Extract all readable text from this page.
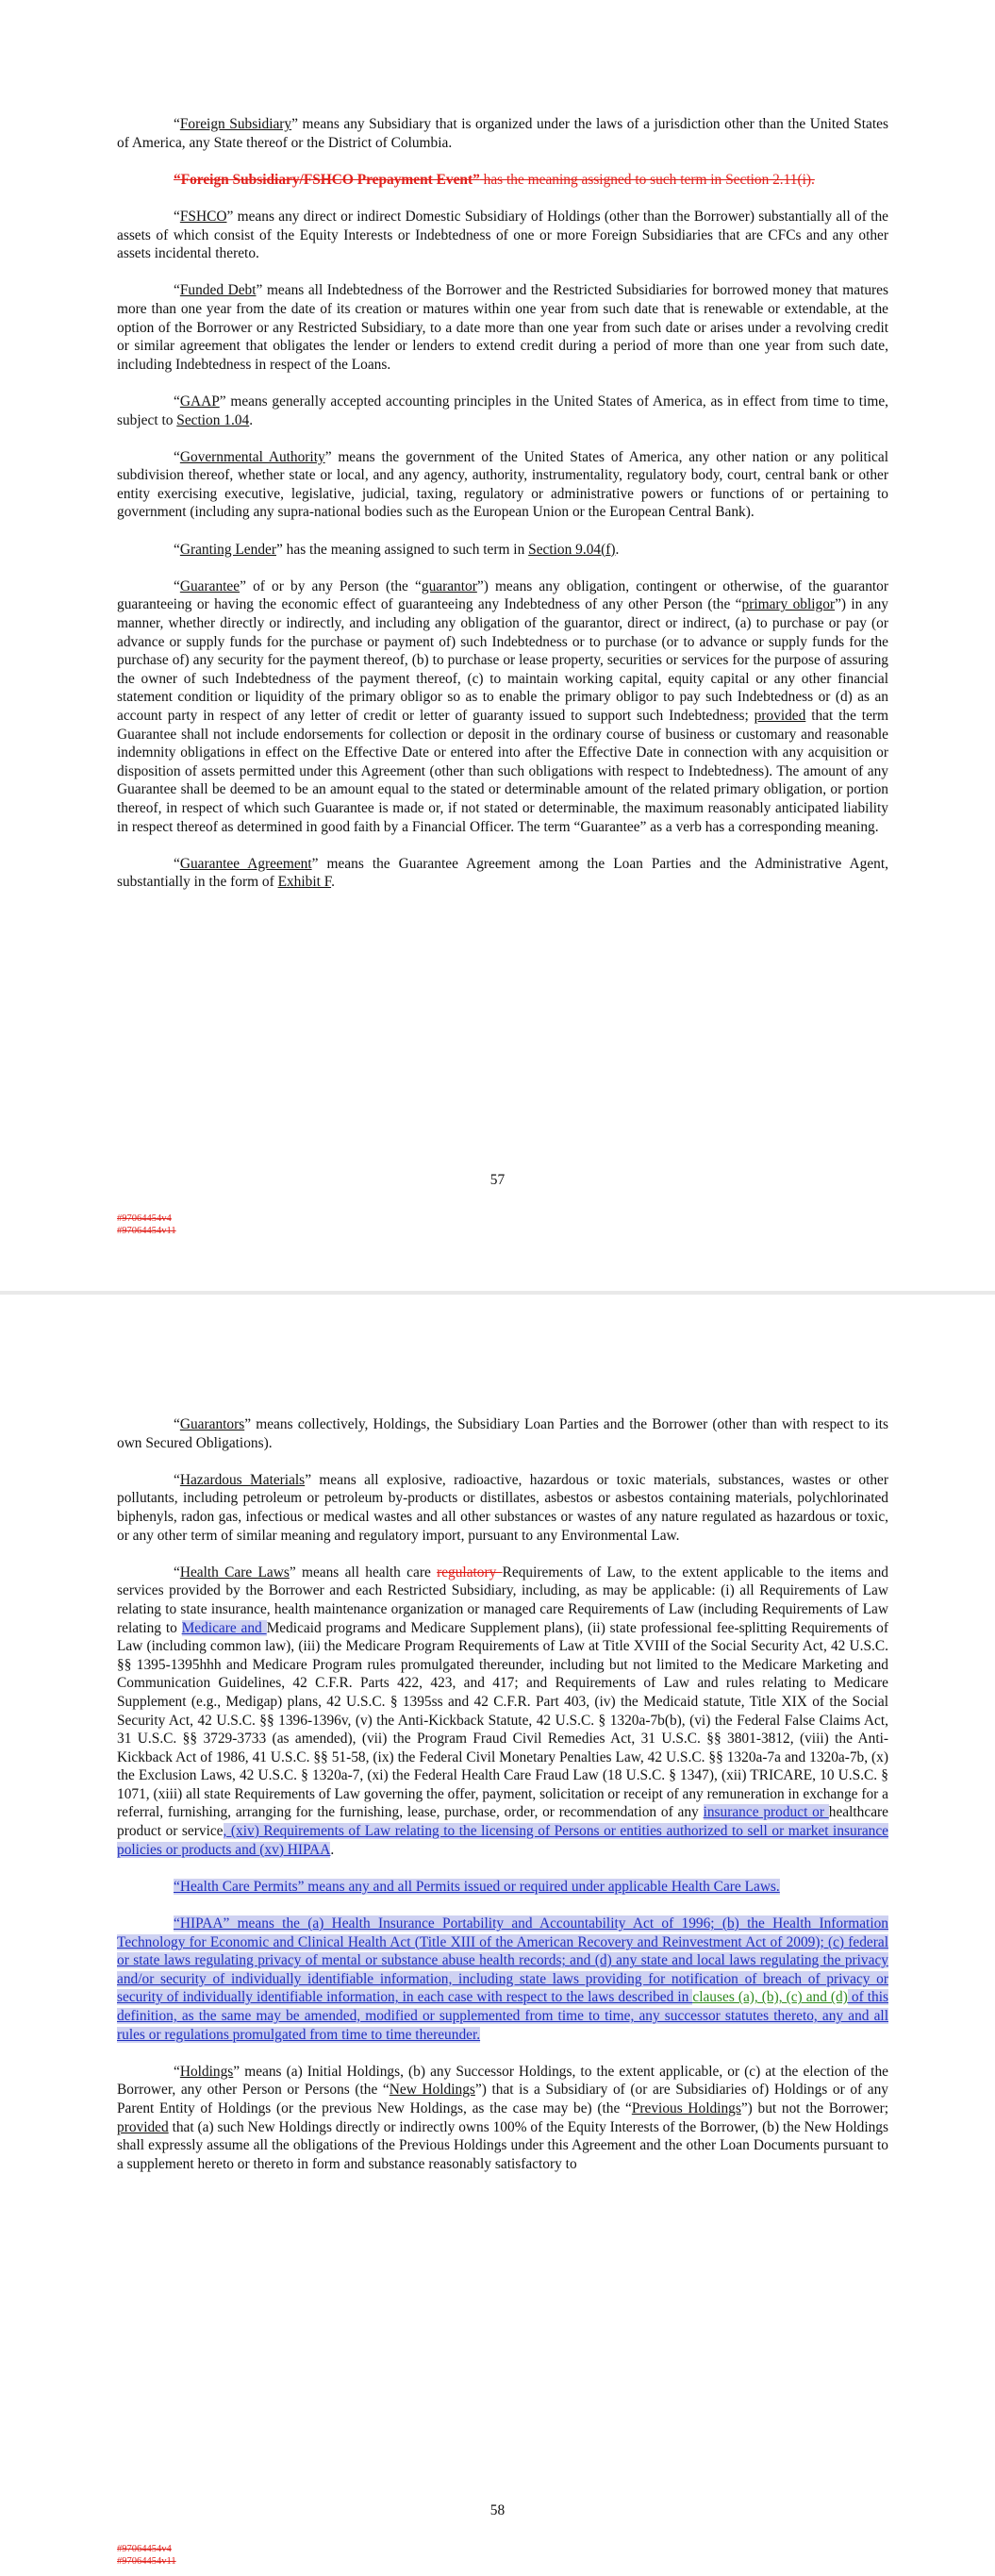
“Foreign Subsidiary” means any Subsidiary that is organized under the laws of a jurisdiction other than the United States of America, any State thereof or the District of Columbia.

“Foreign Subsidiary/FSHCO Prepayment Event” has the meaning assigned to such term in Section 2.11(i).

“FSHCO” means any direct or indirect Domestic Subsidiary of Holdings (other than the Borrower) substantially all of the assets of which consist of the Equity Interests or Indebtedness of one or more Foreign Subsidiaries that are CFCs and any other assets incidental thereto.

“Funded Debt” means all Indebtedness of the Borrower and the Restricted Subsidiaries for borrowed money that matures more than one year from the date of its creation or matures within one year from such date that is renewable or extendable, at the option of the Borrower or any Restricted Subsidiary, to a date more than one year from such date or arises under a revolving credit or similar agreement that obligates the lender or lenders to extend credit during a period of more than one year from such date, including Indebtedness in respect of the Loans.

“GAAP” means generally accepted accounting principles in the United States of America, as in effect from time to time, subject to Section 1.04.

“Governmental Authority” means the government of the United States of America, any other nation or any political subdivision thereof, whether state or local, and any agency, authority, instrumentality, regulatory body, court, central bank or other entity exercising executive, legislative, judicial, taxing, regulatory or administrative powers or functions of or pertaining to government (including any supra-national bodies such as the European Union or the European Central Bank).

“Granting Lender” has the meaning assigned to such term in Section 9.04(f).

“Guarantee” of or by any Person (the “guarantor”) means any obligation, contingent or otherwise, of the guarantor guaranteeing or having the economic effect of guaranteeing any Indebtedness of any other Person (the “primary obligor”) in any manner, whether directly or indirectly, and including any obligation of the guarantor, direct or indirect, (a) to purchase or pay (or advance or supply funds for the purchase or payment of) such Indebtedness or to purchase (or to advance or supply funds for the purchase of) any security for the payment thereof, (b) to purchase or lease property, securities or services for the purpose of assuring the owner of such Indebtedness of the payment thereof, (c) to maintain working capital, equity capital or any other financial statement condition or liquidity of the primary obligor so as to enable the primary obligor to pay such Indebtedness or (d) as an account party in respect of any letter of credit or letter of guaranty issued to support such Indebtedness; provided that the term Guarantee shall not include endorsements for collection or deposit in the ordinary course of business or customary and reasonable indemnity obligations in effect on the Effective Date or entered into after the Effective Date in connection with any acquisition or disposition of assets permitted under this Agreement (other than such obligations with respect to Indebtedness). The amount of any Guarantee shall be deemed to be an amount equal to the stated or determinable amount of the related primary obligation, or portion thereof, in respect of which such Guarantee is made or, if not stated or determinable, the maximum reasonably anticipated liability in respect thereof as determined in good faith by a Financial Officer. The term “Guarantee” as a verb has a corresponding meaning.

“Guarantee Agreement” means the Guarantee Agreement among the Loan Parties and the Administrative Agent, substantially in the form of Exhibit F.

57
#97064454v4
#97064454v11

“Guarantors” means collectively, Holdings, the Subsidiary Loan Parties and the Borrower (other than with respect to its own Secured Obligations).

“Hazardous Materials” means all explosive, radioactive, hazardous or toxic materials, substances, wastes or other pollutants, including petroleum or petroleum by-products or distillates, asbestos or asbestos containing materials, polychlorinated biphenyls, radon gas, infectious or medical wastes and all other substances or wastes of any nature regulated as hazardous or toxic, or any other term of similar meaning and regulatory import, pursuant to any Environmental Law.

“Health Care Laws” means all health care regulatory Requirements of Law, to the extent applicable to the items and services provided by the Borrower and each Restricted Subsidiary, including, as may be applicable: (i) all Requirements of Law relating to state insurance, health maintenance organization or managed care Requirements of Law (including Requirements of Law relating to Medicare and Medicaid programs and Medicare Supplement plans), (ii) state professional fee-splitting Requirements of Law (including common law), (iii) the Medicare Program Requirements of Law at Title XVIII of the Social Security Act, 42 U.S.C. §§ 1395-1395hhh and Medicare Program rules promulgated thereunder, including but not limited to the Medicare Marketing and Communication Guidelines, 42 C.F.R. Parts 422, 423, and 417; and Requirements of Law and rules relating to Medicare Supplement (e.g., Medigap) plans, 42 U.S.C. § 1395ss and 42 C.F.R. Part 403, (iv) the Medicaid statute, Title XIX of the Social Security Act, 42 U.S.C. §§ 1396-1396v, (v) the Anti-Kickback Statute, 42 U.S.C. § 1320a-7b(b), (vi) the Federal False Claims Act, 31 U.S.C. §§ 3729-3733 (as amended), (vii) the Program Fraud Civil Remedies Act, 31 U.S.C. §§ 3801-3812, (viii) the Anti-Kickback Act of 1986, 41 U.S.C. §§ 51-58, (ix) the Federal Civil Monetary Penalties Law, 42 U.S.C. §§ 1320a-7a and 1320a-7b, (x) the Exclusion Laws, 42 U.S.C. § 1320a-7, (xi) the Federal Health Care Fraud Law (18 U.S.C. § 1347), (xii) TRICARE, 10 U.S.C. § 1071, (xiii) all state Requirements of Law governing the offer, payment, solicitation or receipt of any remuneration in exchange for a referral, furnishing, arranging for the furnishing, lease, purchase, order, or recommendation of any insurance product or healthcare product or service, (xiv) Requirements of Law relating to the licensing of Persons or entities authorized to sell or market insurance policies or products and (xv) HIPAA.

“Health Care Permits” means any and all Permits issued or required under applicable Health Care Laws.

“HIPAA” means the (a) Health Insurance Portability and Accountability Act of 1996; (b) the Health Information Technology for Economic and Clinical Health Act (Title XIII of the American Recovery and Reinvestment Act of 2009); (c) federal or state laws regulating privacy of mental or substance abuse health records; and (d) any state and local laws regulating the privacy and/or security of individually identifiable information, including state laws providing for notification of breach of privacy or security of individually identifiable information, in each case with respect to the laws described in clauses (a), (b), (c) and (d) of this definition, as the same may be amended, modified or supplemented from time to time, any successor statutes thereto, any and all rules or regulations promulgated from time to time thereunder.

“Holdings” means (a) Initial Holdings, (b) any Successor Holdings, to the extent applicable, or (c) at the election of the Borrower, any other Person or Persons (the “New Holdings”) that is a Subsidiary of (or are Subsidiaries of) Holdings or of any Parent Entity of Holdings (or the previous New Holdings, as the case may be) (the “Previous Holdings”) but not the Borrower; provided that (a) such New Holdings directly or indirectly owns 100% of the Equity Interests of the Borrower, (b) the New Holdings shall expressly assume all the obligations of the Previous Holdings under this Agreement and the other Loan Documents pursuant to a supplement hereto or thereto in form and substance reasonably satisfactory to

58
#97064454v4
#97064454v11
